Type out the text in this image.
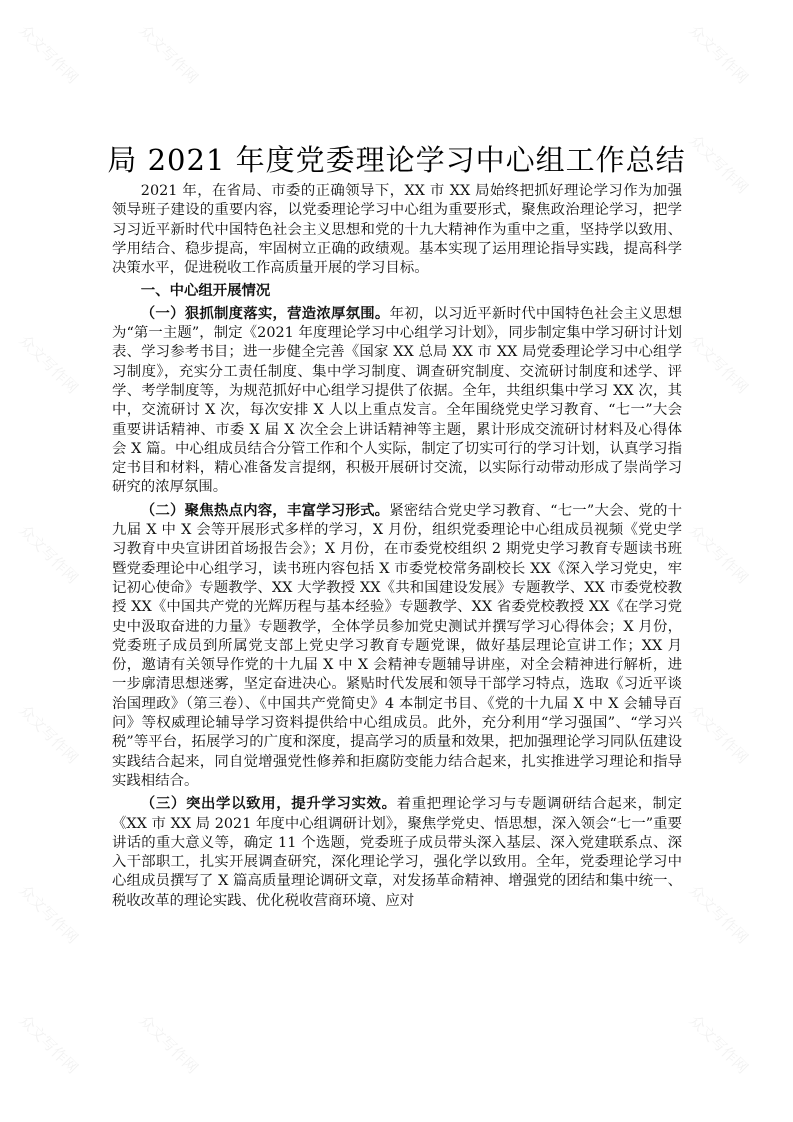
众文写作网	众文写作网	众文写作网
众文写作网
众文写作网	众文写作网
众文写作网	众文写作网
众文写作网	众文写作网
众文写作网	众文写作网
众文写作网	众文写作网	众文写作网
局 2021 年度党委理论学习中心组工作总结

2021 年，在省局、市委的正确领导下，XX 市 XX 局始终把抓好理论学习作为加强领导班子建设的重要内容，以党委理论学习中心组为重要形式，聚焦政治理论学习，把学习习近平新时代中国特色社会主义思想和党的十九大精神作为重中之重，坚持学以致用、学用结合、稳步提高，牢固树立正确的政绩观。基本实现了运用理论指导实践，提高科学决策水平，促进税收工作高质量开展的学习目标。

一、中心组开展情况

（一）狠抓制度落实，营造浓厚氛围。年初，以习近平新时代中国特色社会主义思想为“第一主题”，制定《2021 年度理论学习中心组学习计划》，同步制定集中学习研讨计划表、学习参考书目；进一步健全完善《国家 XX 总局 XX 市 XX 局党委理论学习中心组学习制度》，充实分工责任制度、集中学习制度、调查研究制度、交流研讨制度和述学、评学、考学制度等，为规范抓好中心组学习提供了依据。全年，共组织集中学习 XX 次，其中，交流研讨 X 次，每次安排 X 人以上重点发言。全年围绕党史学习教育、“七一”大会重要讲话精神、市委 X 届 X 次全会上讲话精神等主题，累计形成交流研讨材料及心得体会 X 篇。中心组成员结合分管工作和个人实际，制定了切实可行的学习计划，认真学习指定书目和材料，精心准备发言提纲，积极开展研讨交流，以实际行动带动形成了崇尚学习研究的浓厚氛围。

（二）聚焦热点内容，丰富学习形式。紧密结合党史学习教育、“七一”大会、党的十九届 X 中 X 会等开展形式多样的学习，X 月份，组织党委理论中心组成员视频《党史学习教育中央宣讲团首场报告会》；X 月份，在市委党校组织 2 期党史学习教育专题读书班暨党委理论中心组学习，读书班内容包括 X 市委党校常务副校长 XX《深入学习党史，牢记初心使命》专题教学、XX 大学教授 XX《共和国建设发展》专题教学、XX 市委党校教授 XX《中国共产党的光辉历程与基本经验》专题教学、XX 省委党校教授 XX《在学习党史中汲取奋进的力量》专题教学，全体学员参加党史测试并撰写学习心得体会；X 月份，党委班子成员到所属党支部上党史学习教育专题党课，做好基层理论宣讲工作；XX 月份，邀请有关领导作党的十九届 X 中 X 会精神专题辅导讲座，对全会精神进行解析，进一步廓清思想迷雾，坚定奋进决心。紧贴时代发展和领导干部学习特点，选取《习近平谈治国理政》（第三卷）、《中国共产党简史》4 本制定书目、《党的十九届 X 中 X 会辅导百问》等权威理论辅导学习资料提供给中心组成员。此外，充分利用“学习强国”、“学习兴税”等平台，拓展学习的广度和深度，提高学习的质量和效果，把加强理论学习同队伍建设实践结合起来，同自觉增强党性修养和拒腐防变能力结合起来，扎实推进学习理论和指导实践相结合。

（三）突出学以致用，提升学习实效。着重把理论学习与专题调研结合起来，制定《XX 市 XX 局 2021 年度中心组调研计划》，聚焦学党史、悟思想，深入领会“七一”重要讲话的重大意义等，确定 11 个选题，党委班子成员带头深入基层、深入党建联系点、深入干部职工，扎实开展调查研究，深化理论学习，强化学以致用。全年，党委理论学习中心组成员撰写了 X 篇高质量理论调研文章，对发扬革命精神、增强党的团结和集中统一、税收改革的理论实践、优化税收营商环境、应对
